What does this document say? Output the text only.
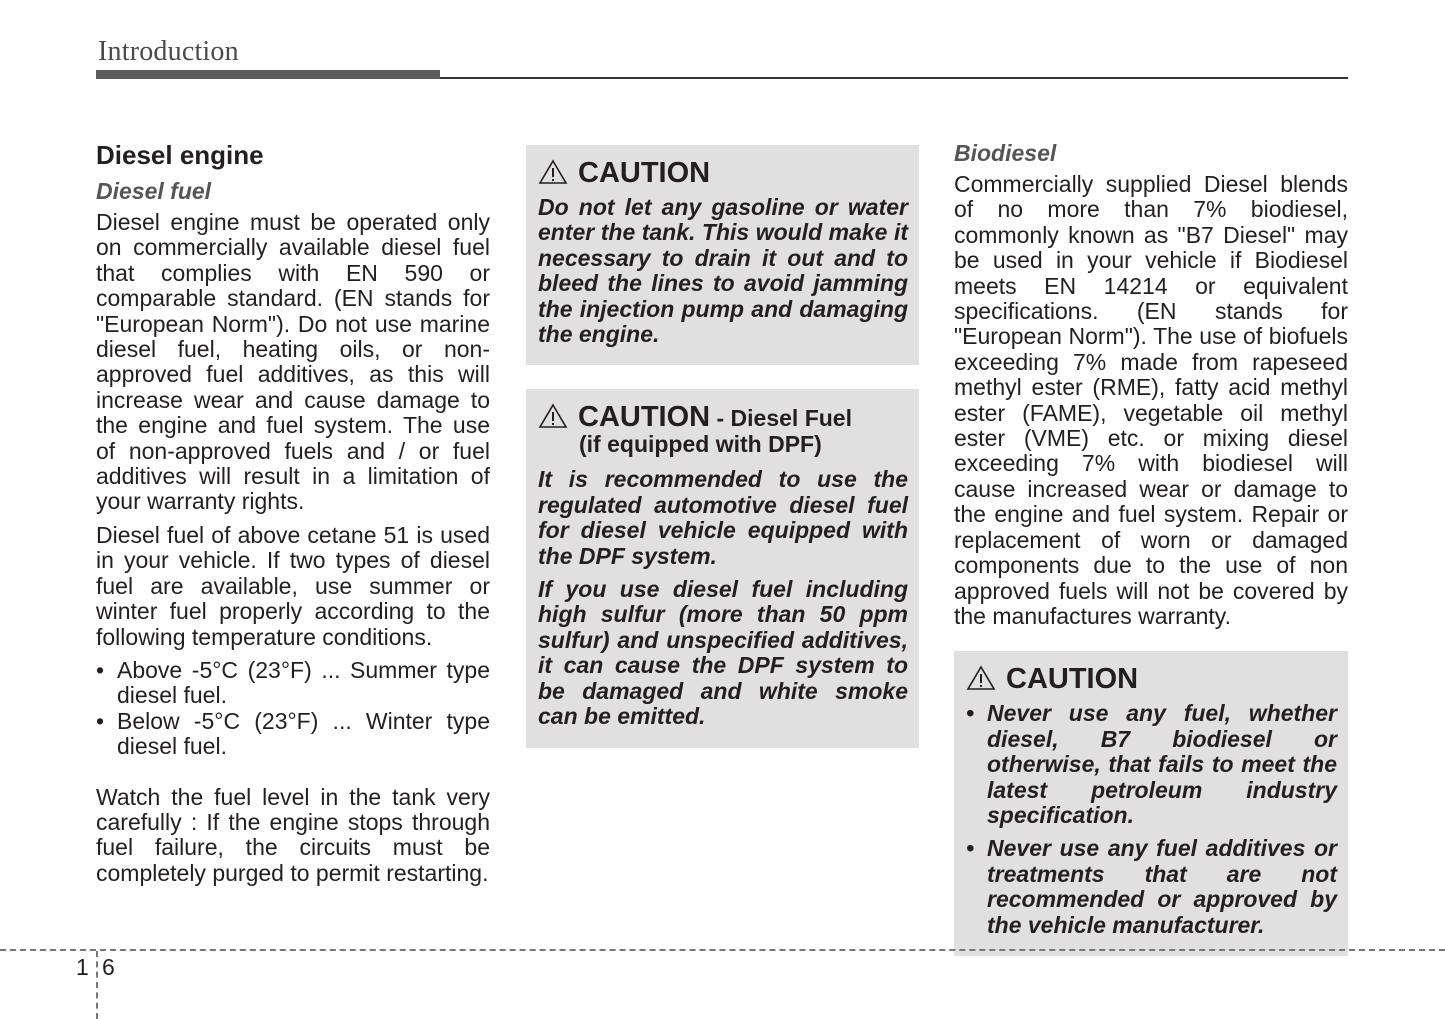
Introduction
Diesel engine
Diesel fuel

Diesel engine must be operated only on commercially available diesel fuel that complies with EN 590 or comparable standard. (EN stands for "European Norm"). Do not use marine diesel fuel, heating oils, or non-approved fuel additives, as this will increase wear and cause damage to the engine and fuel system. The use of non-approved fuels and / or fuel additives will result in a limitation of your warranty rights.

Diesel fuel of above cetane 51 is used in your vehicle. If two types of diesel fuel are available, use summer or winter fuel properly according to the following temperature conditions.

• Above -5°C (23°F) ... Summer type diesel fuel.
• Below -5°C (23°F) ... Winter type diesel fuel.

Watch the fuel level in the tank very carefully : If the engine stops through fuel failure, the circuits must be completely purged to permit restarting.

CAUTION

Do not let any gasoline or water enter the tank. This would make it necessary to drain it out and to bleed the lines to avoid jamming the injection pump and damaging the engine.

CAUTION - Diesel Fuel
(if equipped with DPF)

It is recommended to use the regulated automotive diesel fuel for diesel vehicle equipped with the DPF system.

If you use diesel fuel including high sulfur (more than 50 ppm sulfur) and unspecified additives, it can cause the DPF system to be damaged and white smoke can be emitted.

Biodiesel

Commercially supplied Diesel blends of no more than 7% biodiesel, commonly known as "B7 Diesel" may be used in your vehicle if Biodiesel meets EN 14214 or equivalent specifications. (EN stands for "European Norm"). The use of biofuels exceeding 7% made from rapeseed methyl ester (RME), fatty acid methyl ester (FAME), vegetable oil methyl ester (VME) etc. or mixing diesel exceeding 7% with biodiesel will cause increased wear or damage to the engine and fuel system. Repair or replacement of worn or damaged components due to the use of non approved fuels will not be covered by the manufactures warranty.

CAUTION
• Never use any fuel, whether diesel, B7 biodiesel or otherwise, that fails to meet the latest petroleum industry specification.
• Never use any fuel additives or treatments that are not recommended or approved by the vehicle manufacturer.
1 6
